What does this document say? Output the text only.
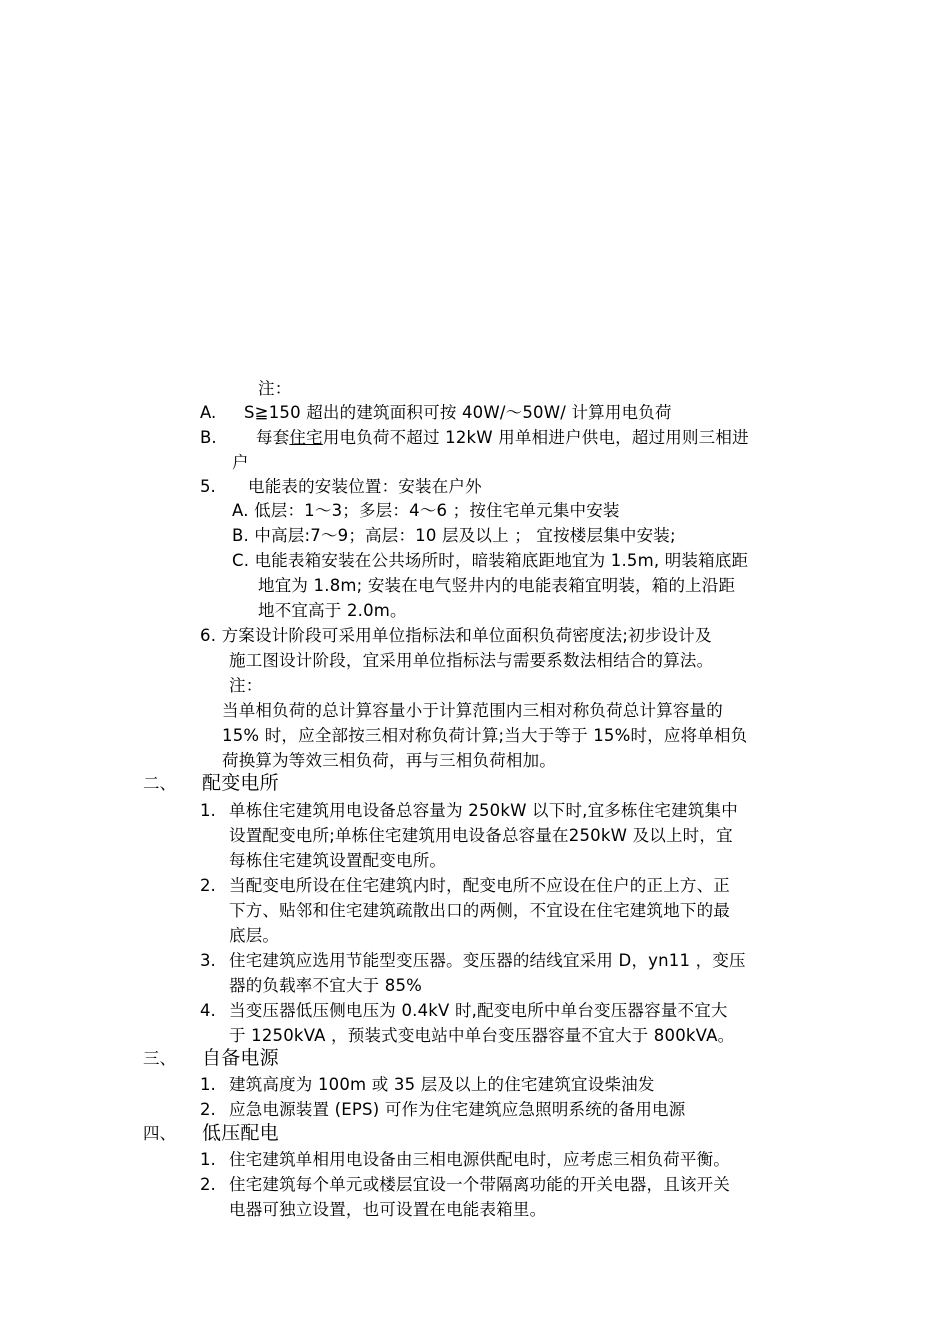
注：
A. S≧150 超出的建筑面积可按 40W/～50W/ 计算用电负荷
B. 每套住宅用电负荷不超过 12kW 用单相进户供电，超过用则三相进
户
5. 电能表的安装位置：安装在户外
A. 低层：1～3；多层：4～6 ；按住宅单元集中安装
B. 中高层:7～9；高层：10 层及以上 ； 宜按楼层集中安装;
C. 电能表箱安装在公共场所时，暗装箱底距地宜为 1.5m, 明装箱底距
地宜为 1.8m; 安装在电气竖井内的电能表箱宜明装，箱的上沿距
地不宜高于 2.0m。
6. 方案设计阶段可采用单位指标法和单位面积负荷密度法;初步设计及
施工图设计阶段，宜采用单位指标法与需要系数法相结合的算法。
注：
当单相负荷的总计算容量小于计算范围内三相对称负荷总计算容量的
15% 时，应全部按三相对称负荷计算;当大于等于 15%时，应将单相负
荷换算为等效三相负荷，再与三相负荷相加。
二、 配变电所
1. 单栋住宅建筑用电设备总容量为 250kW 以下时,宜多栋住宅建筑集中
设置配变电所;单栋住宅建筑用电设备总容量在250kW 及以上时，宜
每栋住宅建筑设置配变电所。
2. 当配变电所设在住宅建筑内时，配变电所不应设在住户的正上方、正
下方、贴邻和住宅建筑疏散出口的两侧，不宜设在住宅建筑地下的最
底层。
3. 住宅建筑应选用节能型变压器。变压器的结线宜采用 D，yn11 ，变压
器的负载率不宜大于 85%
4. 当变压器低压侧电压为 0.4kV 时,配变电所中单台变压器容量不宜大
于 1250kVA ，预装式变电站中单台变压器容量不宜大于 800kVA。
三、 自备电源
1. 建筑高度为 100m 或 35 层及以上的住宅建筑宜设柴油发
2. 应急电源装置 (EPS) 可作为住宅建筑应急照明系统的备用电源
四、 低压配电
1. 住宅建筑单相用电设备由三相电源供配电时，应考虑三相负荷平衡。
2. 住宅建筑每个单元或楼层宜设一个带隔离功能的开关电器，且该开关
电器可独立设置，也可设置在电能表箱里。
